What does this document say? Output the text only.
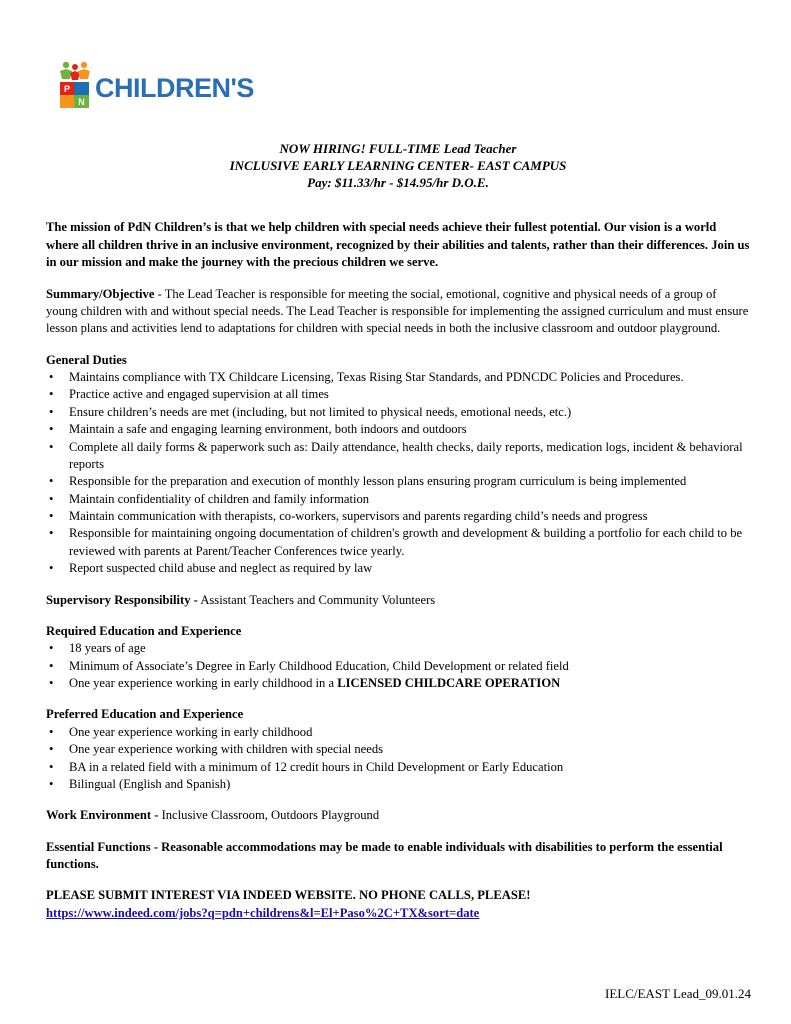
P
N CHILDREN'S
NOW HIRING! FULL-TIME Lead Teacher
INCLUSIVE EARLY LEARNING CENTER- EAST CAMPUS
Pay: $11.33/hr - $14.95/hr D.O.E.

The mission of PdN Children’s is that we help children with special needs achieve their fullest potential. Our vision is a world where all children thrive in an inclusive environment, recognized by their abilities and talents, rather than their differences. Join us in our mission and make the journey with the precious children we serve.

Summary/Objective - The Lead Teacher is responsible for meeting the social, emotional, cognitive and physical needs of a group of young children with and without special needs. The Lead Teacher is responsible for implementing the assigned curriculum and must ensure lesson plans and activities lend to adaptations for children with special needs in both the inclusive classroom and outdoor playground.

General Duties
• Maintains compliance with TX Childcare Licensing, Texas Rising Star Standards, and PDNCDC Policies and Procedures.
• Practice active and engaged supervision at all times
• Ensure children’s needs are met (including, but not limited to physical needs, emotional needs, etc.)
• Maintain a safe and engaging learning environment, both indoors and outdoors
• Complete all daily forms & paperwork such as: Daily attendance, health checks, daily reports, medication logs, incident & behavioral reports
• Responsible for the preparation and execution of monthly lesson plans ensuring program curriculum is being implemented
• Maintain confidentiality of children and family information
• Maintain communication with therapists, co-workers, supervisors and parents regarding child’s needs and progress
• Responsible for maintaining ongoing documentation of children's growth and development & building a portfolio for each child to be reviewed with parents at Parent/Teacher Conferences twice yearly.
• Report suspected child abuse and neglect as required by law

Supervisory Responsibility - Assistant Teachers and Community Volunteers

Required Education and Experience
• 18 years of age
• Minimum of Associate’s Degree in Early Childhood Education, Child Development or related field
• One year experience working in early childhood in a LICENSED CHILDCARE OPERATION
Preferred Education and Experience
• One year experience working in early childhood
• One year experience working with children with special needs
• BA in a related field with a minimum of 12 credit hours in Child Development or Early Education
• Bilingual (English and Spanish)

Work Environment - Inclusive Classroom, Outdoors Playground

Essential Functions - Reasonable accommodations may be made to enable individuals with disabilities to perform the essential functions.

PLEASE SUBMIT INTEREST VIA INDEED WEBSITE. NO PHONE CALLS, PLEASE!
https://www.indeed.com/jobs?q=pdn+childrens&l=El+Paso%2C+TX&sort=date
IELC/EAST Lead_09.01.24
